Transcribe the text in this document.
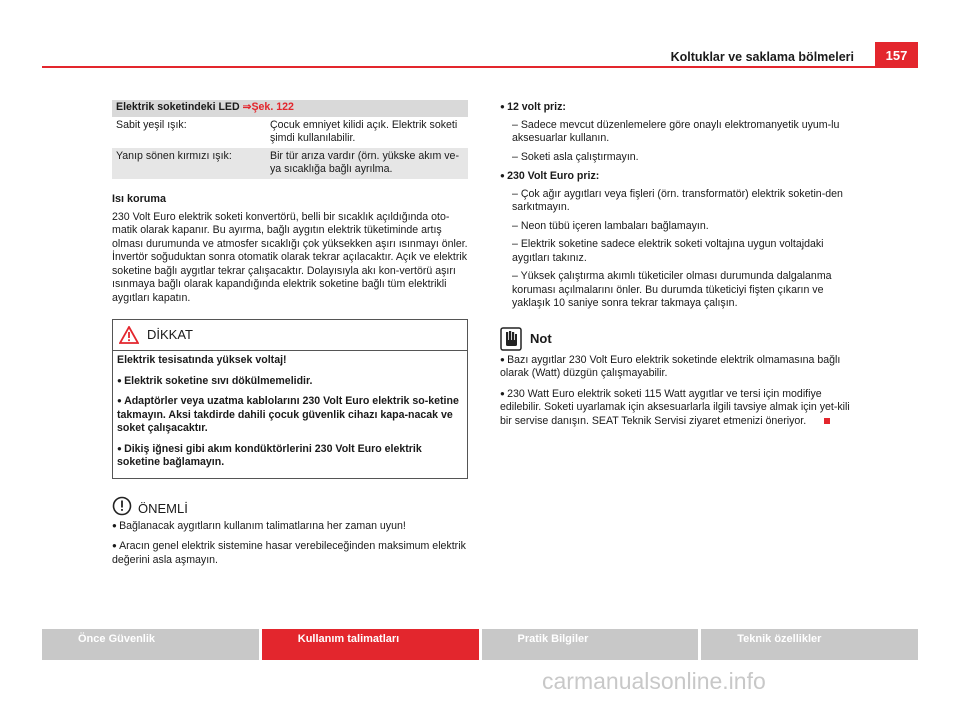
Koltuklar ve saklama bölmeleri	157
Elektrik soketindeki LED ⇒Şek. 122	
Sabit yeşil ışık:	Çocuk emniyet kilidi açık. Elektrik soketi şimdi kullanılabilir.
Yanıp sönen kırmızı ışık:	Bir tür arıza vardır (örn. yükske akım ve-ya sıcaklığa bağlı ayrılma.
Isı koruma

230 Volt Euro elektrik soketi konvertörü, belli bir sıcaklık açıldığında oto-matik olarak kapanır. Bu ayırma, bağlı aygıtın elektrik tüketiminde artış olması durumunda ve atmosfer sıcaklığı çok yüksekken aşırı ısınmayı önler. İnvertör soğuduktan sonra otomatik olarak tekrar açılacaktır. Açık ve elektrik soketine bağlı aygıtlar tekrar çalışacaktır. Dolayısıyla akı kon-vertörü aşırı ısınmaya bağlı olarak kapandığında elektrik soketine bağlı tüm elektrikli aygıtları kapatın.

DİKKAT

Elektrik tesisatında yüksek voltaj!

● Elektrik soketine sıvı dökülmemelidir.

● Adaptörler veya uzatma kablolarını 230 Volt Euro elektrik so-ketine takmayın. Aksi takdirde dahili çocuk güvenlik cihazı kapa-nacak ve soket çalışacaktır.

● Dikiş iğnesi gibi akım kondüktörlerini 230 Volt Euro elektrik soketine bağlamayın.

ÖNEMLİ

● Bağlanacak aygıtların kullanım talimatlarına her zaman uyun!

● Aracın genel elektrik sistemine hasar verebileceğinden maksimum elektrik değerini asla aşmayın.

● 12 volt priz:

– Sadece mevcut düzenlemelere göre onaylı elektromanyetik uyum-lu aksesuarlar kullanın.

– Soketi asla çalıştırmayın.

● 230 Volt Euro priz:

– Çok ağır aygıtları veya fişleri (örn. transformatör) elektrik soketin-den sarkıtmayın.

– Neon tübü içeren lambaları bağlamayın.

– Elektrik soketine sadece elektrik soketi voltajına uygun voltajdaki aygıtları takınız.

– Yüksek çalıştırma akımlı tüketiciler olması durumunda dalgalanma koruması açılmalarını önler. Bu durumda tüketiciyi fişten çıkarın ve yaklaşık 10 saniye sonra tekrar takmaya çalışın.

Not

● Bazı aygıtlar 230 Volt Euro elektrik soketinde elektrik olmamasına bağlı olarak (Watt) düzgün çalışmayabilir.

● 230 Watt Euro elektrik soketi 115 Watt aygıtlar ve tersi için modifiye edilebilir. Soketi uyarlamak için aksesuarlarla ilgili tavsiye almak için yet-kili bir servise danışın. SEAT Teknik Servisi ziyaret etmenizi öneriyor.

Önce Güvenlik	Kullanım talimatları	Pratik Bilgiler	Teknik özellikler
carmanualsonline.info
